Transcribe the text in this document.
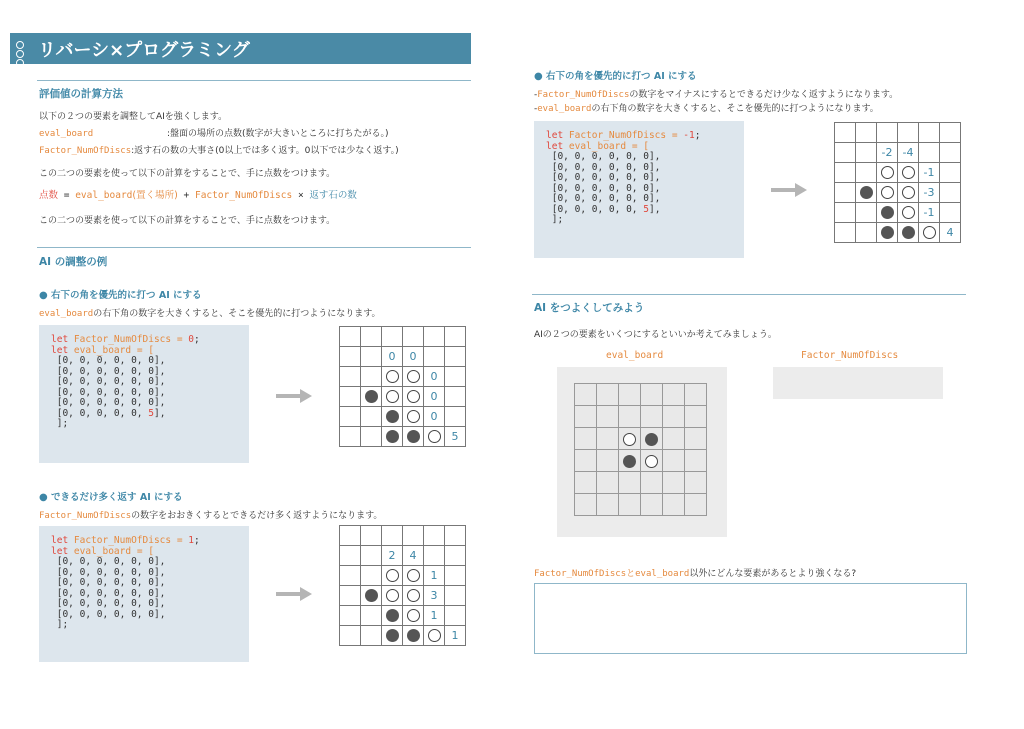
リバーシ×プログラミング
評価値の計算方法
以下の２つの要素を調整してAIを強くします。
eval_board	:盤面の場所の点数(数字が大きいところに打ちたがる。)
Factor_NumOfDiscs:返す石の数の大事さ(0以上では多く返す。0以下では少なく返す。)
この二つの要素を使って以下の計算をすることで、手に点数をつけます。
点数 = eval_board(置く場所) + Factor_NumOfDiscs × 返す石の数
この二つの要素を使って以下の計算をすることで、手に点数をつけます。
AI の調整の例
● 右下の角を優先的に打つ AI にする
eval_boardの右下角の数字を大きくすると、そこを優先的に打つようになります。
let Factor_NumOfDiscs = 0;
let eval_board = [
[0, 0, 0, 0, 0, 0],
[0, 0, 0, 0, 0, 0],
[0, 0, 0, 0, 0, 0],
[0, 0, 0, 0, 0, 0],
[0, 0, 0, 0, 0, 0],
[0, 0, 0, 0, 0, 5],
];

		0	0		
				0	
				0	
				0	
					5
● できるだけ多く返す AI にする
Factor_NumOfDiscsの数字をおおきくするとできるだけ多く返すようになります。
let Factor_NumOfDiscs = 1;
let eval_board = [
[0, 0, 0, 0, 0, 0],
[0, 0, 0, 0, 0, 0],
[0, 0, 0, 0, 0, 0],
[0, 0, 0, 0, 0, 0],
[0, 0, 0, 0, 0, 0],
[0, 0, 0, 0, 0, 0],
];

		2	4		
				1	
				3	
				1	
					1
● 右下の角を優先的に打つ AI にする
-Factor_NumOfDiscsの数字をマイナスにするとできるだけ少なく返すようになります。
-eval_boardの右下角の数字を大きくすると、そこを優先的に打つようになります。
let Factor_NumOfDiscs = -1;
let eval_board = [
[0, 0, 0, 0, 0, 0],
[0, 0, 0, 0, 0, 0],
[0, 0, 0, 0, 0, 0],
[0, 0, 0, 0, 0, 0],
[0, 0, 0, 0, 0, 0],
[0, 0, 0, 0, 0, 5],
];

		-2	-4		
				-1	
				-3	
				-1	
					4
AI をつよくしてみよう
AIの２つの要素をいくつにするといいか考えてみましょう。
eval_board	Factor_NumOfDiscs

Factor_NumOfDiscsとeval_board以外にどんな要素があるとより強くなる?
